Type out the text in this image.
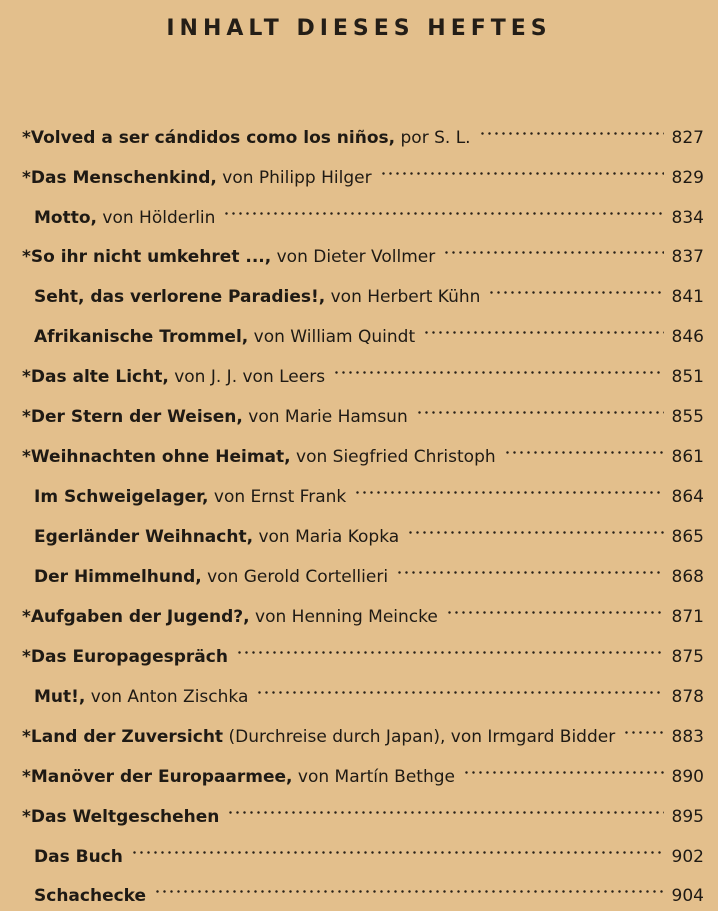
INHALT DIESES HEFTES
*Volved a ser cándidos como los niños, por S. L.	827
*Das Menschenkind, von Philipp Hilger	829
Motto, von Hölderlin	834
*So ihr nicht umkehret ..., von Dieter Vollmer	837
Seht, das verlorene Paradies!, von Herbert Kühn	841
Afrikanische Trommel, von William Quindt	846
*Das alte Licht, von J. J. von Leers	851
*Der Stern der Weisen, von Marie Hamsun	855
*Weihnachten ohne Heimat, von Siegfried Christoph	861
Im Schweigelager, von Ernst Frank	864
Egerländer Weihnacht, von Maria Kopka	865
Der Himmelhund, von Gerold Cortellieri	868
*Aufgaben der Jugend?, von Henning Meincke	871
*Das Europagespräch	875
Mut!, von Anton Zischka	878
*Land der Zuversicht (Durchreise durch Japan), von Irmgard Bidder	883
*Manöver der Europaarmee, von Martín Bethge	890
*Das Weltgeschehen	895
Das Buch	902
Schachecke	904
